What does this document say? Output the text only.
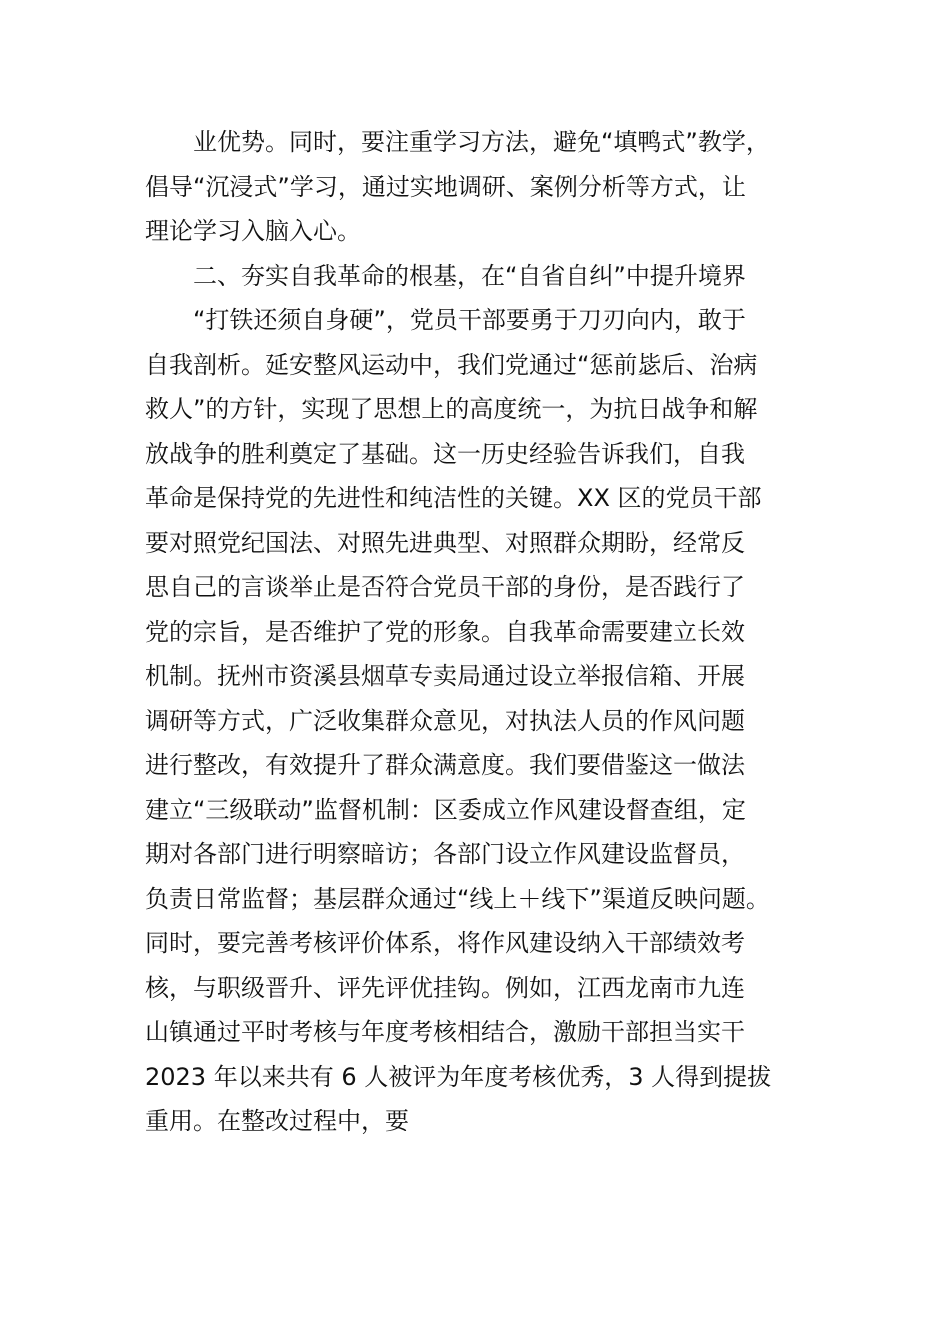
业优势。同时，要注重学习方法，避免“填鸭式”教学，
倡导“沉浸式”学习，通过实地调研、案例分析等方式，让
理论学习入脑入心。
二、夯实自我革命的根基，在“自省自纠”中提升境界
“打铁还须自身硬”，党员干部要勇于刀刃向内，敢于
自我剖析。延安整风运动中，我们党通过“惩前毖后、治病
救人”的方针，实现了思想上的高度统一，为抗日战争和解
放战争的胜利奠定了基础。这一历史经验告诉我们，自我
革命是保持党的先进性和纯洁性的关键。XX 区的党员干部
要对照党纪国法、对照先进典型、对照群众期盼，经常反
思自己的言谈举止是否符合党员干部的身份，是否践行了
党的宗旨，是否维护了党的形象。自我革命需要建立长效
机制。抚州市资溪县烟草专卖局通过设立举报信箱、开展
调研等方式，广泛收集群众意见，对执法人员的作风问题
进行整改，有效提升了群众满意度。我们要借鉴这一做法
建立“三级联动”监督机制：区委成立作风建设督查组，定
期对各部门进行明察暗访；各部门设立作风建设监督员，
负责日常监督；基层群众通过“线上＋线下”渠道反映问题。
同时，要完善考核评价体系，将作风建设纳入干部绩效考
核，与职级晋升、评先评优挂钩。例如，江西龙南市九连
山镇通过平时考核与年度考核相结合，激励干部担当实干
2023 年以来共有 6 人被评为年度考核优秀，3 人得到提拔
重用。在整改过程中，要
